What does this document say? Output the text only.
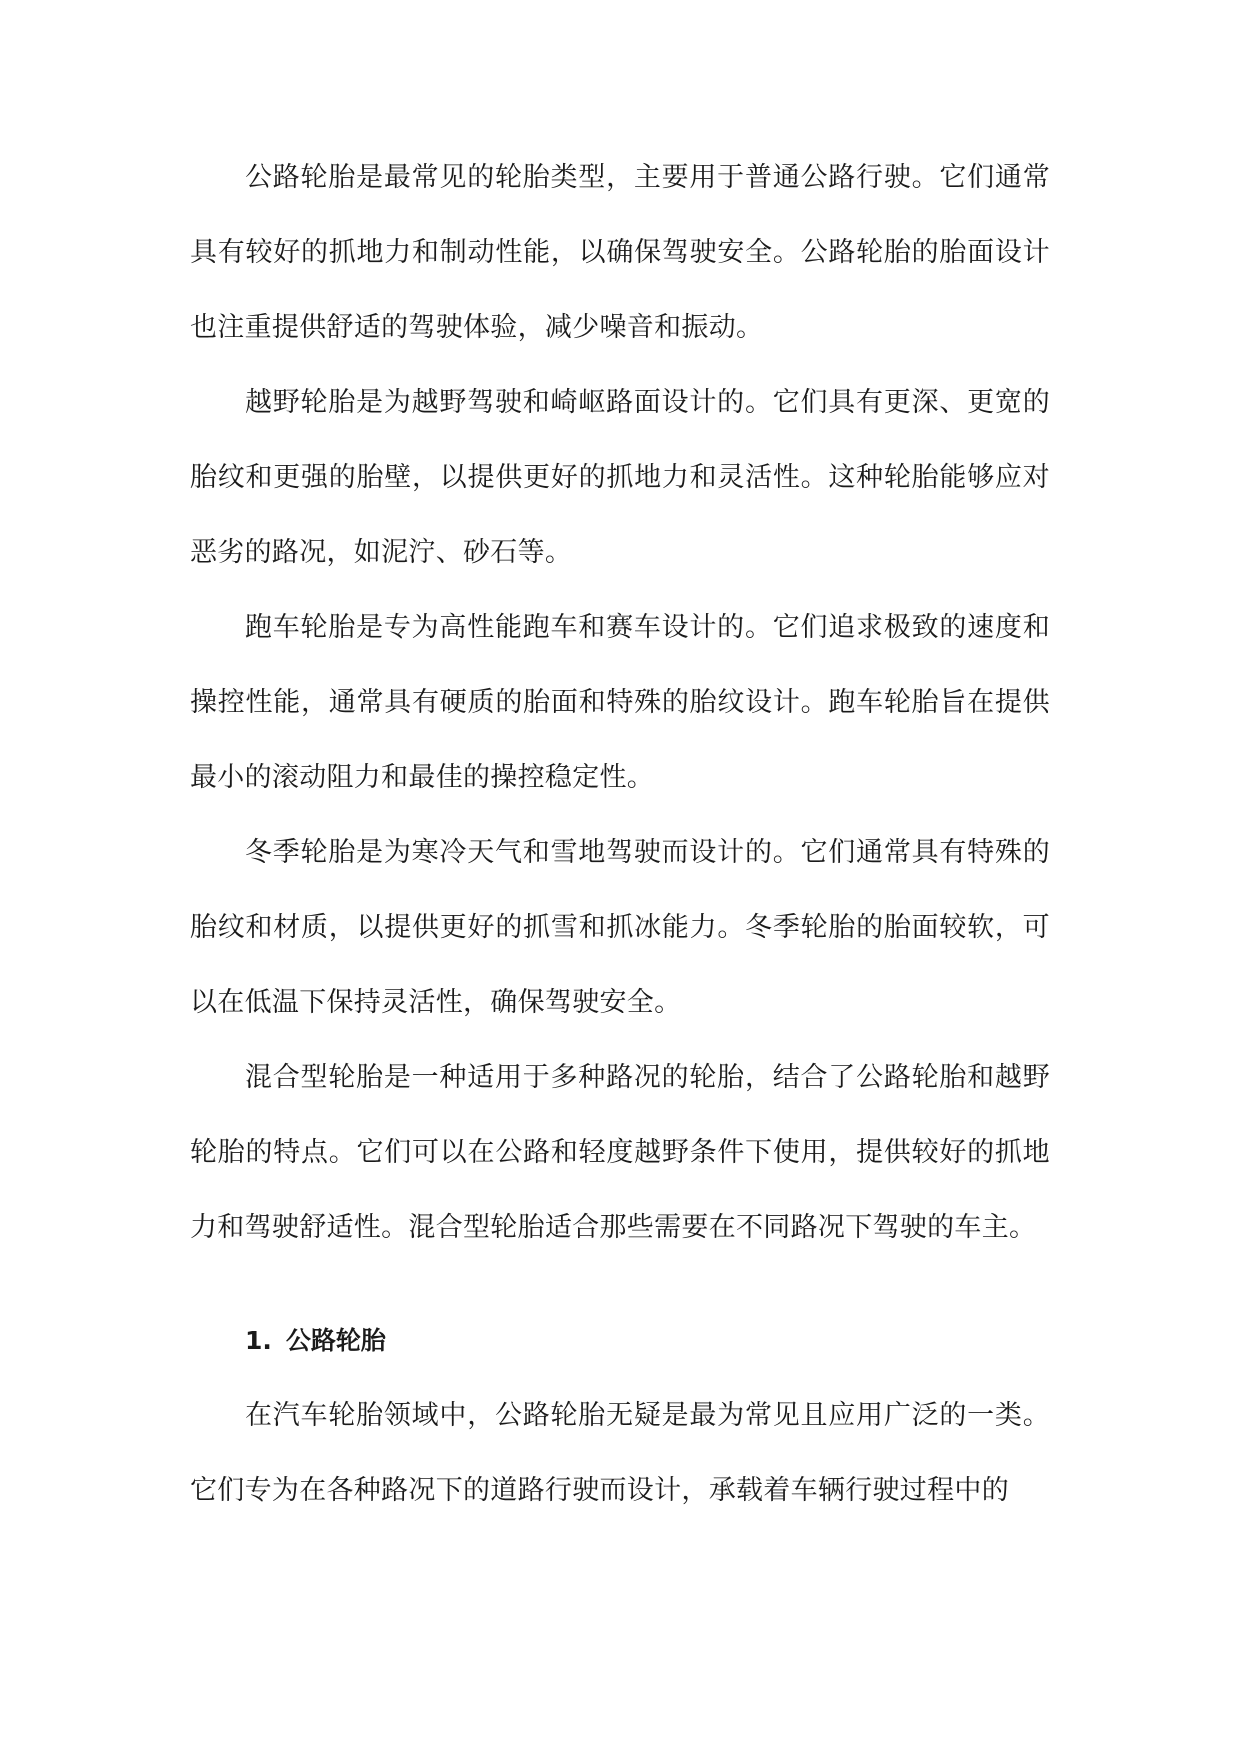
公路轮胎是最常见的轮胎类型，主要用于普通公路行驶。它们通常具有较好的抓地力和制动性能，以确保驾驶安全。公路轮胎的胎面设计也注重提供舒适的驾驶体验，减少噪音和振动。

越野轮胎是为越野驾驶和崎岖路面设计的。它们具有更深、更宽的胎纹和更强的胎壁，以提供更好的抓地力和灵活性。这种轮胎能够应对恶劣的路况，如泥泞、砂石等。

跑车轮胎是专为高性能跑车和赛车设计的。它们追求极致的速度和操控性能，通常具有硬质的胎面和特殊的胎纹设计。跑车轮胎旨在提供最小的滚动阻力和最佳的操控稳定性。

冬季轮胎是为寒冷天气和雪地驾驶而设计的。它们通常具有特殊的胎纹和材质，以提供更好的抓雪和抓冰能力。冬季轮胎的胎面较软，可以在低温下保持灵活性，确保驾驶安全。

混合型轮胎是一种适用于多种路况的轮胎，结合了公路轮胎和越野轮胎的特点。它们可以在公路和轻度越野条件下使用，提供较好的抓地力和驾驶舒适性。混合型轮胎适合那些需要在不同路况下驾驶的车主。

1. 公路轮胎

在汽车轮胎领域中，公路轮胎无疑是最为常见且应用广泛的一类。它们专为在各种路况下的道路行驶而设计，承载着车辆行驶过程中的
